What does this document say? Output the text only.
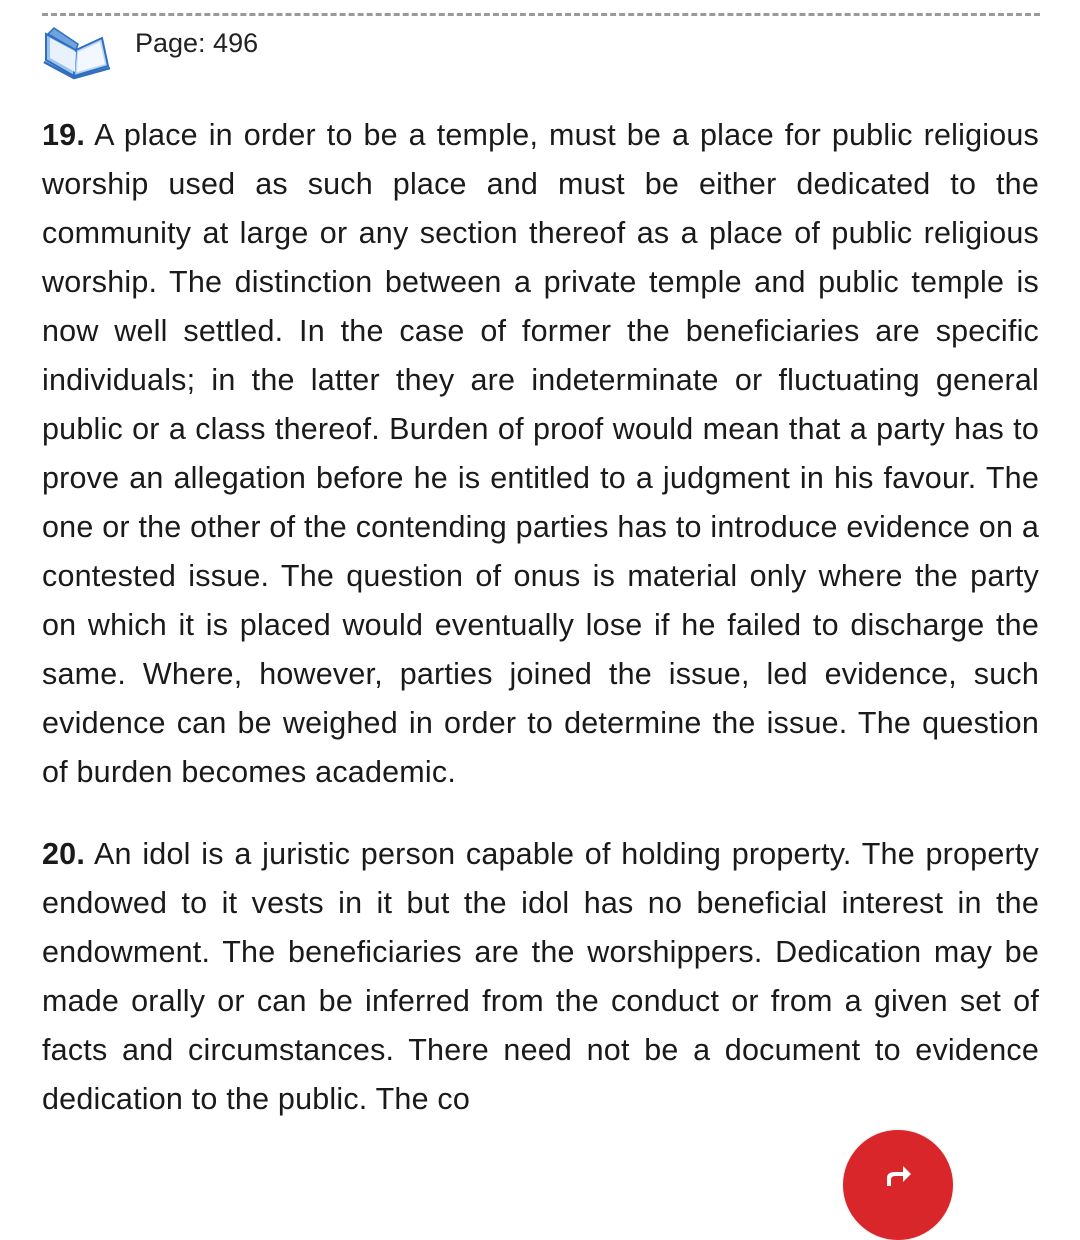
Page: 496

19. A place in order to be a temple, must be a place for public religious worship used as such place and must be either dedicated to the community at large or any section thereof as a place of public religious worship. The distinction between a private temple and public temple is now well settled. In the case of former the beneficiaries are specific individuals; in the latter they are indeterminate or fluctuating general public or a class thereof. Burden of proof would mean that a party has to prove an allegation before he is entitled to a judgment in his favour. The one or the other of the contending parties has to introduce evidence on a contested issue. The question of onus is material only where the party on which it is placed would eventually lose if he failed to discharge the same. Where, however, parties joined the issue, led evidence, such evidence can be weighed in order to determine the issue. The question of burden becomes academic.

20. An idol is a juristic person capable of holding property. The property endowed to it vests in it but the idol has no beneficial interest in the endowment. The beneficiaries are the worshippers. Dedication may be made orally or can be inferred from the conduct or from a given set of facts and circumstances. There need not be a document to evidence dedication to the public. The co
